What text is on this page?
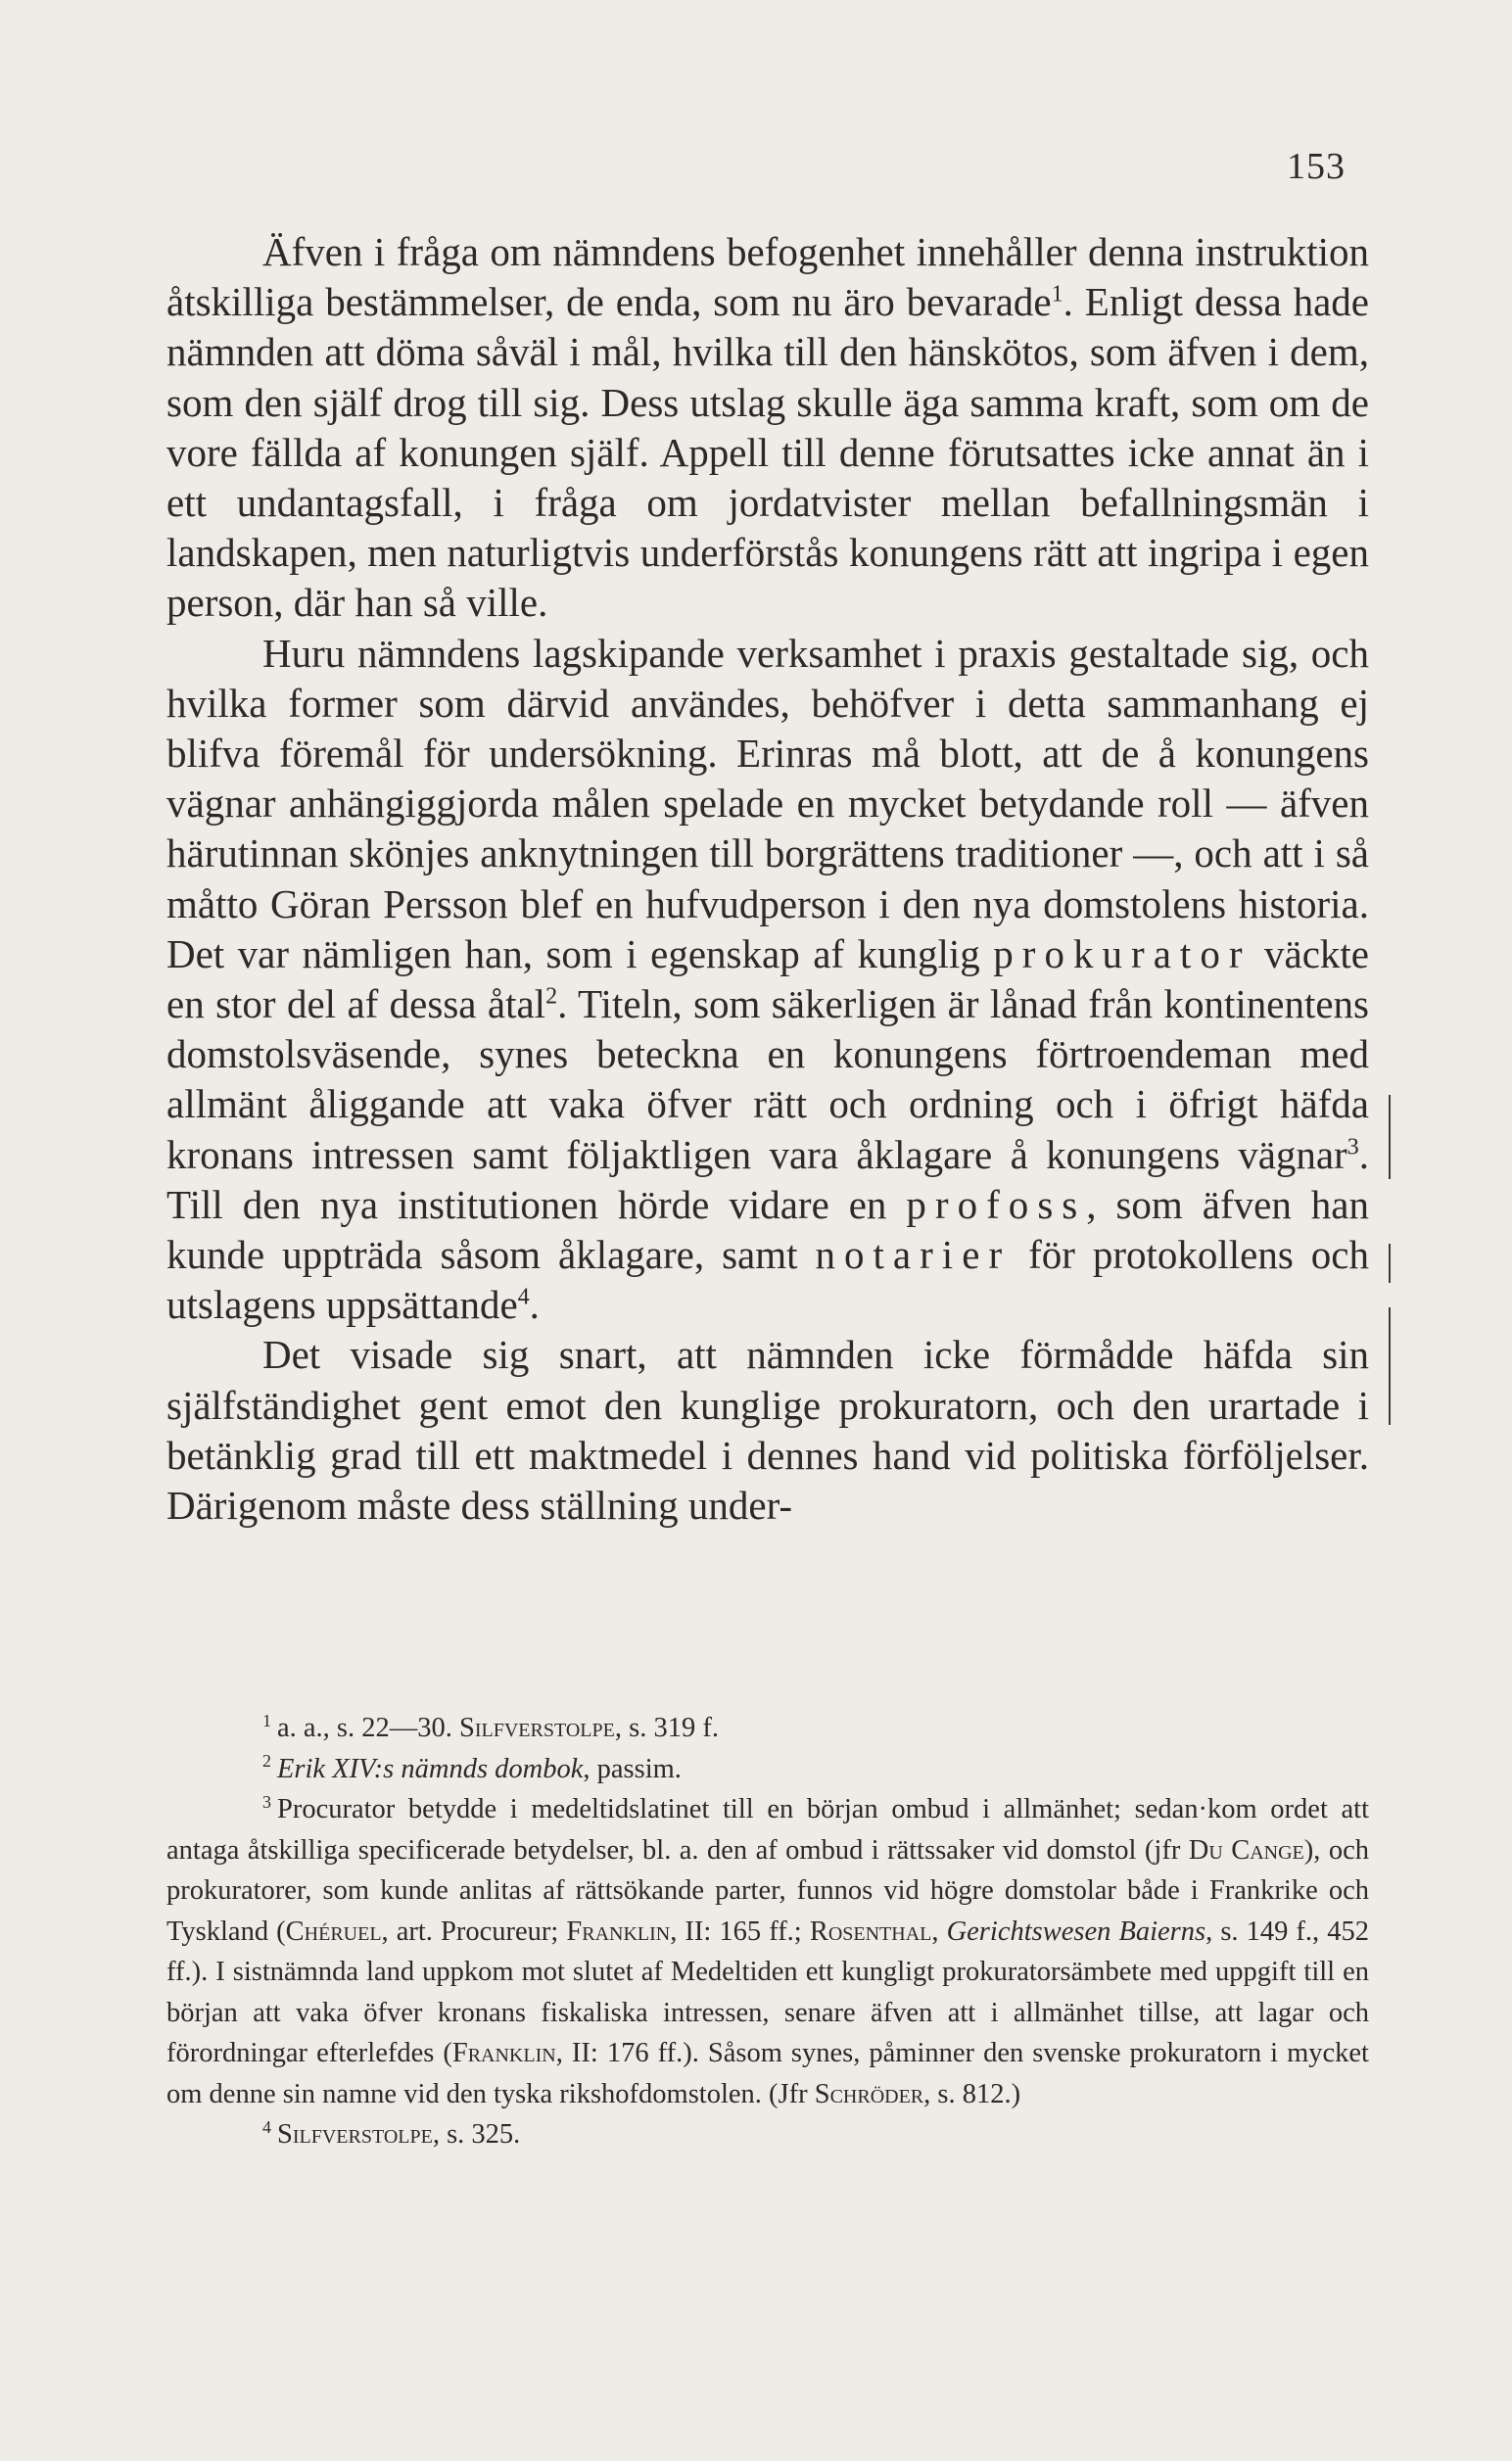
153

Äfven i fråga om nämndens befogenhet innehåller denna instruktion åtskilliga bestämmelser, de enda, som nu äro bevarade$^1$. Enligt dessa hade nämnden att döma såväl i mål, hvilka till den hänskötos, som äfven i dem, som den själf drog till sig. Dess utslag skulle äga samma kraft, som om de vore fällda af konungen själf. Appell till denne förutsattes icke annat än i ett undantagsfall, i fråga om jordatvister mellan befallningsmän i landskapen, men naturligtvis underförstås konungens rätt att ingripa i egen person, där han så ville.

Huru nämndens lagskipande verksamhet i praxis gestaltade sig, och hvilka former som därvid användes, behöfver i detta sammanhang ej blifva föremål för undersökning. Erinras må blott, att de å konungens vägnar anhängiggjorda målen spelade en mycket betydande roll — äfven härutinnan skönjes anknytningen till borgrättens traditioner —, och att i så måtto Göran Persson blef en hufvudperson i den nya domstolens historia. Det var nämligen han, som i egenskap af kunglig prokurator väckte en stor del af dessa åtal$^2$. Titeln, som säkerligen är lånad från kontinentens domstolsväsende, synes beteckna en konungens förtroendeman med allmänt åliggande att vaka öfver rätt och ordning och i öfrigt häfda kronans intressen samt följaktligen vara åklagare å konungens vägnar$^3$. Till den nya institutionen hörde vidare en profoss, som äfven han kunde uppträda såsom åklagare, samt notarier för protokollens och utslagens uppsättande$^4$.

Det visade sig snart, att nämnden icke förmådde häfda sin själfständighet gent emot den kunglige prokuratorn, och den urartade i betänklig grad till ett maktmedel i dennes hand vid politiska förföljelser. Därigenom måste dess ställning under-

$^1$ a. a., s. 22—30. Silfverstolpe, s. 319 f.

$^2$ Erik XIV:s nämnds dombok, passim.

$^3$ Procurator betydde i medeltidslatinet till en början ombud i allmänhet; sedan·kom ordet att antaga åtskilliga specificerade betydelser, bl. a. den af ombud i rättssaker vid domstol (jfr Du Cange), och prokuratorer, som kunde anlitas af rättsökande parter, funnos vid högre domstolar både i Frankrike och Tyskland (Chéruel, art. Procureur; Franklin, II: 165 ff.; Rosenthal, Gerichtswesen Baierns, s. 149 f., 452 ff.). I sistnämnda land uppkom mot slutet af Medeltiden ett kungligt prokuratorsämbete med uppgift till en början att vaka öfver kronans fiskaliska intressen, senare äfven att i allmänhet tillse, att lagar och förordningar efterlefdes (Franklin, II: 176 ff.). Såsom synes, påminner den svenske prokuratorn i mycket om denne sin namne vid den tyska rikshofdomstolen. (Jfr Schröder, s. 812.)

$^4$ Silfverstolpe, s. 325.
